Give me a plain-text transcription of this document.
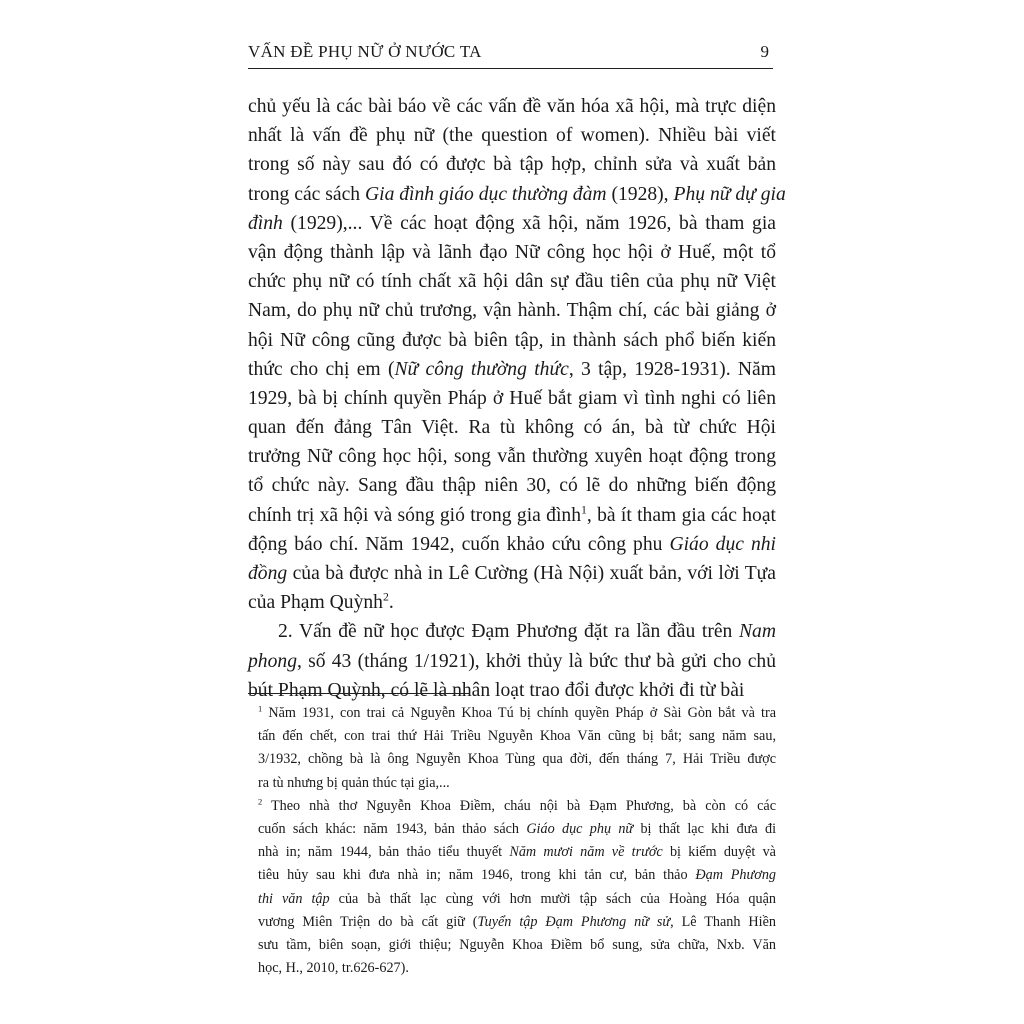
VẤN ĐỀ PHỤ NỮ Ở NƯỚC TA	9
chủ yếu là các bài báo về các vấn đề văn hóa xã hội, mà trực diện
nhất là vấn đề phụ nữ (the question of women). Nhiều bài viết
trong số này sau đó có được bà tập hợp, chỉnh sửa và xuất bản
trong các sách Gia đình giáo dục thường đàm (1928), Phụ nữ dự gia
đình (1929),... Về các hoạt động xã hội, năm 1926, bà tham gia
vận động thành lập và lãnh đạo Nữ công học hội ở Huế, một tổ
chức phụ nữ có tính chất xã hội dân sự đầu tiên của phụ nữ Việt
Nam, do phụ nữ chủ trương, vận hành. Thậm chí, các bài giảng ở
hội Nữ công cũng được bà biên tập, in thành sách phổ biến kiến
thức cho chị em (Nữ công thường thức, 3 tập, 1928-1931). Năm
1929, bà bị chính quyền Pháp ở Huế bắt giam vì tình nghi có liên
quan đến đảng Tân Việt. Ra tù không có án, bà từ chức Hội
trưởng Nữ công học hội, song vẫn thường xuyên hoạt động trong
tổ chức này. Sang đầu thập niên 30, có lẽ do những biến động
chính trị xã hội và sóng gió trong gia đình$^1$, bà ít tham gia các hoạt
động báo chí. Năm 1942, cuốn khảo cứu công phu Giáo dục nhi
đồng của bà được nhà in Lê Cường (Hà Nội) xuất bản, với lời Tựa
của Phạm Quỳnh$^2$.
2. Vấn đề nữ học được Đạm Phương đặt ra lần đầu trên Nam
phong, số 43 (tháng 1/1921), khởi thủy là bức thư bà gửi cho chủ
bút Phạm Quỳnh, có lẽ là nhân loạt trao đổi được khởi đi từ bài
$^1$ Năm 1931, con trai cả Nguyễn Khoa Tú bị chính quyền Pháp ở Sài Gòn bắt và tra
tấn đến chết, con trai thứ Hải Triều Nguyễn Khoa Văn cũng bị bắt; sang năm sau,
3/1932, chồng bà là ông Nguyễn Khoa Tùng qua đời, đến tháng 7, Hải Triều được
ra tù nhưng bị quản thúc tại gia,...
$^2$ Theo nhà thơ Nguyễn Khoa Điềm, cháu nội bà Đạm Phương, bà còn có các
cuốn sách khác: năm 1943, bản thảo sách Giáo dục phụ nữ bị thất lạc khi đưa đi
nhà in; năm 1944, bản thảo tiểu thuyết Năm mươi năm về trước bị kiểm duyệt và
tiêu hủy sau khi đưa nhà in; năm 1946, trong khi tản cư, bản thảo Đạm Phương
thi văn tập của bà thất lạc cùng với hơn mười tập sách của Hoàng Hóa quận
vương Miên Triện do bà cất giữ (Tuyển tập Đạm Phương nữ sử, Lê Thanh Hiền
sưu tầm, biên soạn, giới thiệu; Nguyễn Khoa Điềm bổ sung, sửa chữa, Nxb. Văn
học, H., 2010, tr.626-627).
